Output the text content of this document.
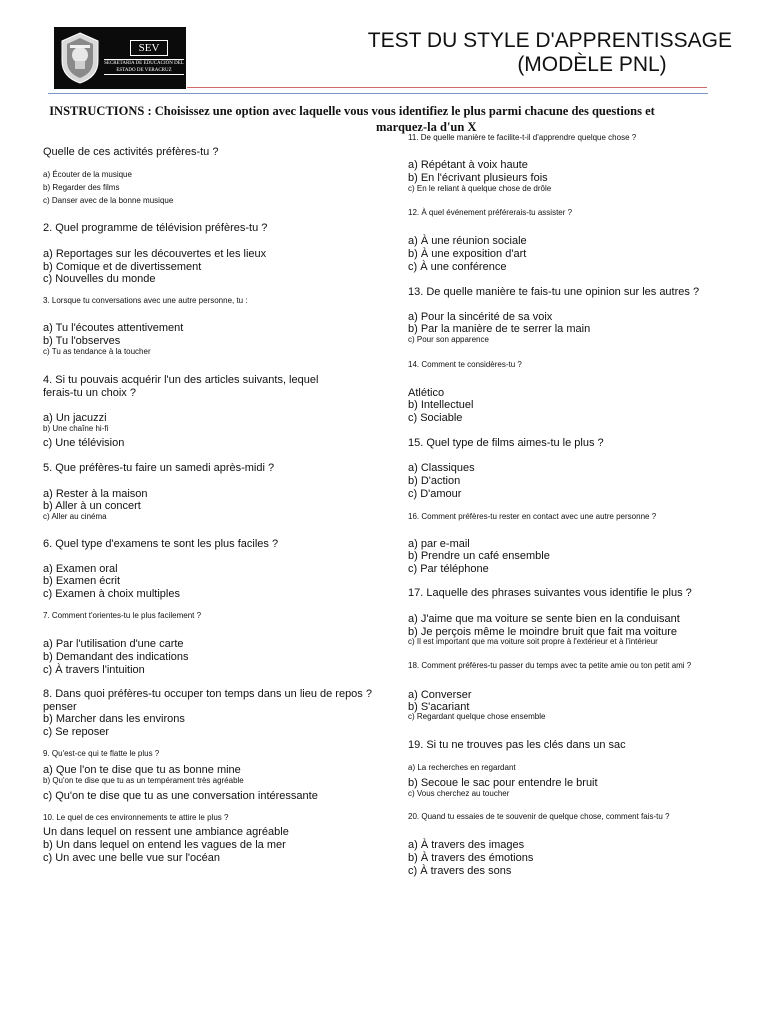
SEV
SECRETARÍA DE EDUCACIÓN DEL ESTADO DE VERACRUZ
TEST DU STYLE D'APPRENTISSAGE
(MODÈLE PNL)
INSTRUCTIONS : Choisissez une option avec laquelle vous vous identifiez le plus parmi chacune des questions et
marquez-la d'un X
Quelle de ces activités préfères-tu ?
a) Écouter de la musique
b) Regarder des films
c) Danser avec de la bonne musique
2. Quel programme de télévision préfères-tu ?
a) Reportages sur les découvertes et les lieux
b) Comique et de divertissement
c) Nouvelles du monde
3. Lorsque tu conversations avec une autre personne, tu :
a) Tu l'écoutes attentivement
b) Tu l'observes
c) Tu as tendance à la toucher
4. Si tu pouvais acquérir l'un des articles suivants, lequel
ferais-tu un choix ?
a) Un jacuzzi
b) Une chaîne hi-fi
c) Une télévision
5. Que préfères-tu faire un samedi après-midi ?
a) Rester à la maison
b) Aller à un concert
c) Aller au cinéma
6. Quel type d'examens te sont les plus faciles ?
a) Examen oral
b) Examen écrit
c) Examen à choix multiples
7. Comment t'orientes-tu le plus facilement ?
a) Par l'utilisation d'une carte
b) Demandant des indications
c) À travers l'intuition
8. Dans quoi préfères-tu occuper ton temps dans un lieu de repos ?
penser
b) Marcher dans les environs
c) Se reposer
9. Qu'est-ce qui te flatte le plus ?
a) Que l'on te dise que tu as bonne mine
b) Qu'on te dise que tu as un tempérament très agréable
c) Qu'on te dise que tu as une conversation intéressante
10. Le quel de ces environnements te attire le plus ?
Un dans lequel on ressent une ambiance agréable
b) Un dans lequel on entend les vagues de la mer
c) Un avec une belle vue sur l'océan
11. De quelle manière te facilite-t-il d'apprendre quelque chose ?
a) Répétant à voix haute
b) En l'écrivant plusieurs fois
c) En le reliant à quelque chose de drôle
12. À quel événement préférerais-tu assister ?
a) À une réunion sociale
b) À une exposition d'art
c) À une conférence
13. De quelle manière te fais-tu une opinion sur les autres ?
a) Pour la sincérité de sa voix
b) Par la manière de te serrer la main
c) Pour son apparence
14. Comment te considères-tu ?
Atlético
b) Intellectuel
c) Sociable
15. Quel type de films aimes-tu le plus ?
a) Classiques
b) D'action
c) D'amour
16. Comment préfères-tu rester en contact avec une autre personne ?
a) par e-mail
b) Prendre un café ensemble
c) Par téléphone
17. Laquelle des phrases suivantes vous identifie le plus ?
a) J'aime que ma voiture se sente bien en la conduisant
b) Je perçois même le moindre bruit que fait ma voiture
c) Il est important que ma voiture soit propre à l'extérieur et à l'intérieur
18. Comment préfères-tu passer du temps avec ta petite amie ou ton petit ami ?
a) Converser
b) S'acariant
c) Regardant quelque chose ensemble
19. Si tu ne trouves pas les clés dans un sac
a) La recherches en regardant
b) Secoue le sac pour entendre le bruit
c) Vous cherchez au toucher
20. Quand tu essaies de te souvenir de quelque chose, comment fais-tu ?
a) À travers des images
b) À travers des émotions
c) À travers des sons
